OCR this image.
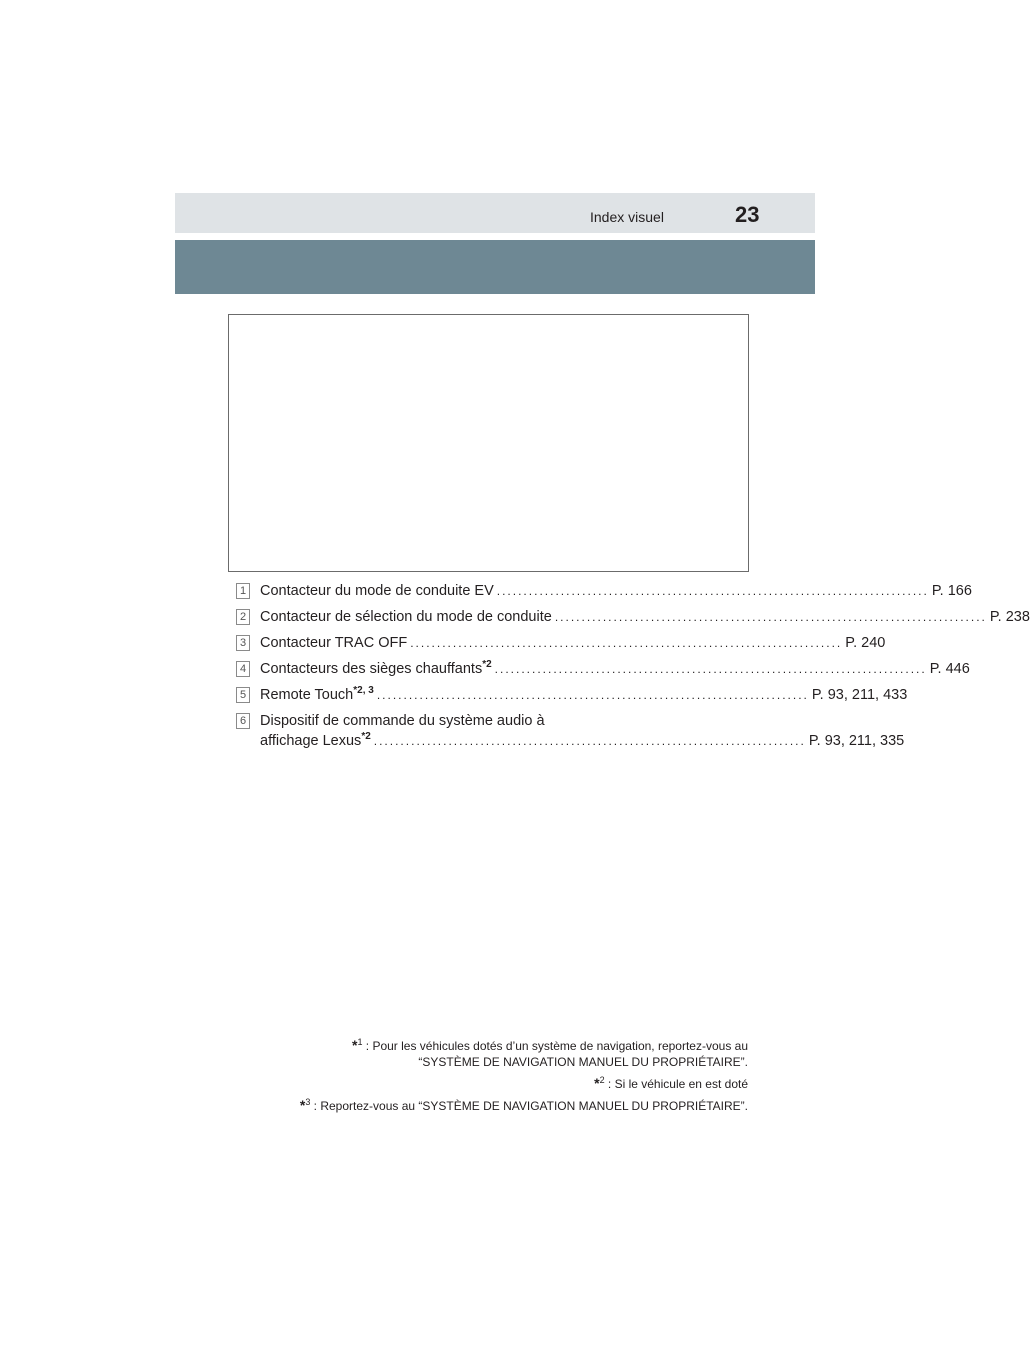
Index visuel	23
1 Contacteur du mode de conduite EV ................................................................................. P. 166
2 Contacteur de sélection du mode de conduite ................................................................................. P. 238
3 Contacteur TRAC OFF ................................................................................. P. 240
4 Contacteurs des sièges chauffants$^{*2}$ ................................................................................. P. 446
5 Remote Touch$^{*2, 3}$ ................................................................................. P. 93, 211, 433
6 Dispositif de commande du système audio à
affichage Lexus$^{*2}$ ................................................................................. P. 93, 211, 335

*$^1$ : Pour les véhicules dotés d’un système de navigation, reportez-vous au
“SYSTÈME DE NAVIGATION MANUEL DU PROPRIÉTAIRE”.

*$^2$ : Si le véhicule en est doté

*$^3$ : Reportez-vous au “SYSTÈME DE NAVIGATION MANUEL DU PROPRIÉTAIRE”.
